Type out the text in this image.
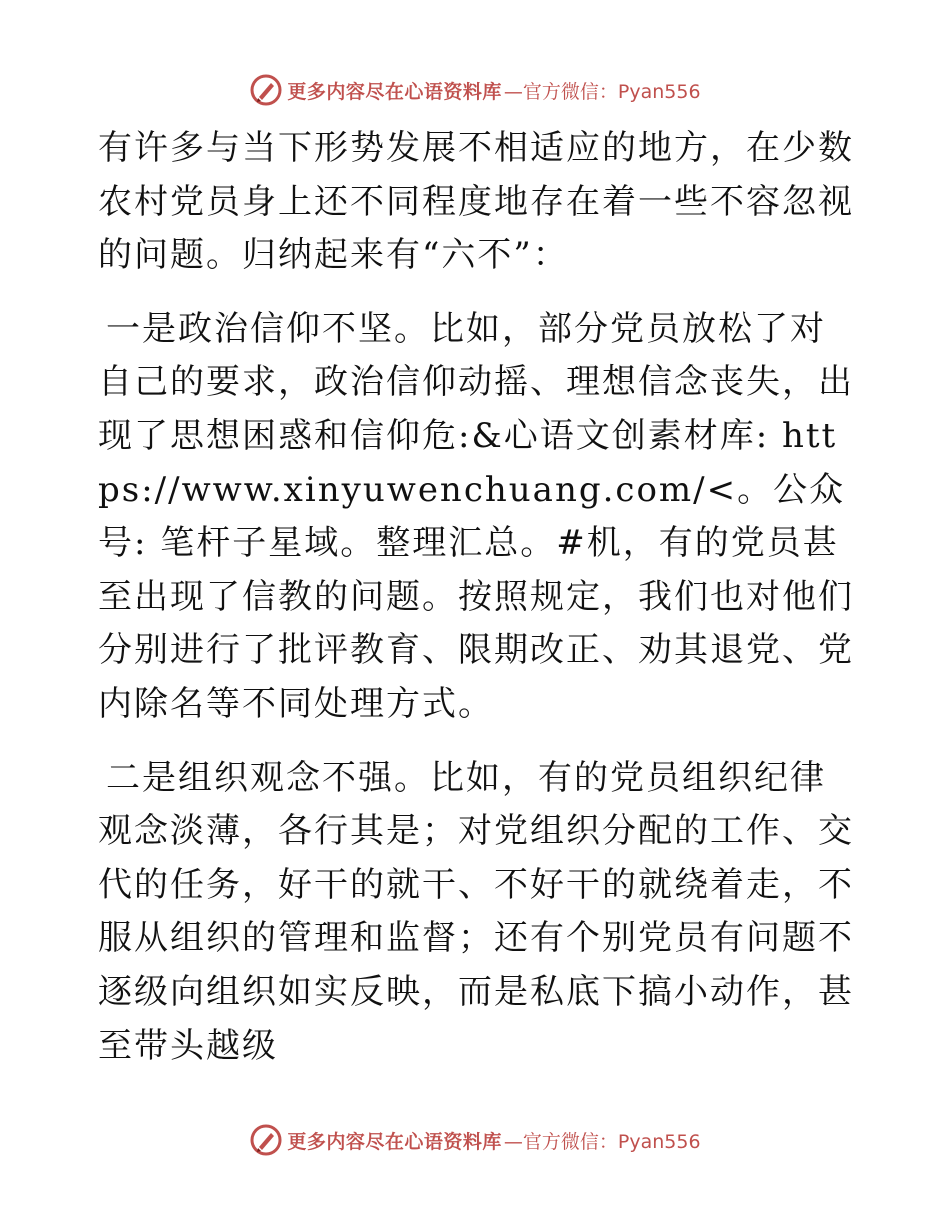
更多内容尽在心语资料库 —官方微信：Pyan556

有许多与当下形势发展不相适应的地方，在少数农村党员身上还不同程度地存在着一些不容忽视的问题。归纳起来有“六不”：

一是政治信仰不坚。比如，部分党员放松了对自己的要求，政治信仰动摇、理想信念丧失，出现了思想困惑和信仰危:&心语文创素材库: https://www.xinyuwenchuang.com/<。公众号: 笔杆子星域。整理汇总。#机，有的党员甚至出现了信教的问题。按照规定，我们也对他们分别进行了批评教育、限期改正、劝其退党、党内除名等不同处理方式。

二是组织观念不强。比如，有的党员组织纪律观念淡薄，各行其是；对党组织分配的工作、交代的任务，好干的就干、不好干的就绕着走，不服从组织的管理和监督；还有个别党员有问题不逐级向组织如实反映，而是私底下搞小动作，甚至带头越级

更多内容尽在心语资料库 —官方微信：Pyan556
